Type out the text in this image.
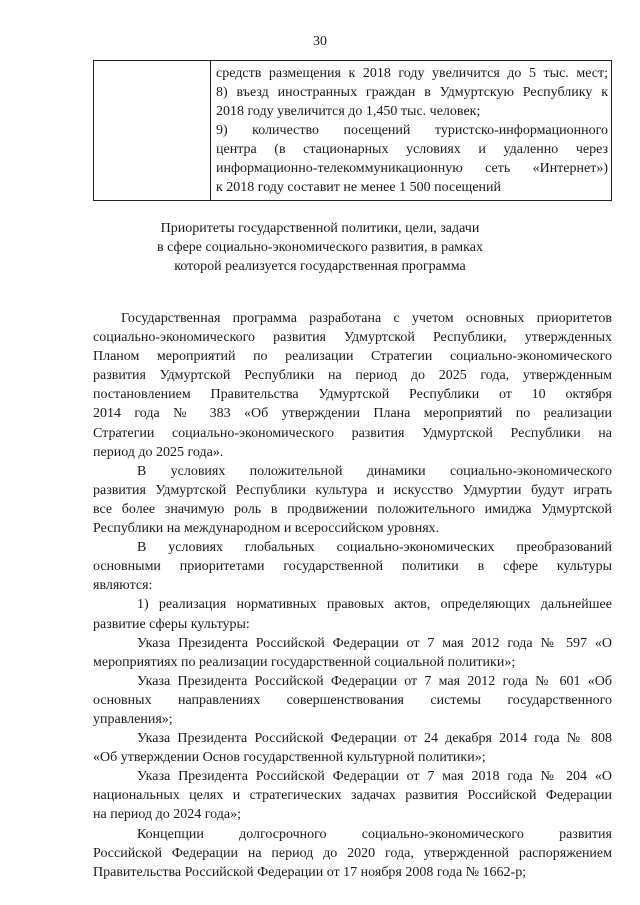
30

средств размещения к 2018 году увеличится до 5 тыс. мест;
8) въезд иностранных граждан в Удмуртскую Республику к
2018 году увеличится до 1,450 тыс. человек;
9) количество посещений туристско-информационного
центра (в стационарных условиях и удаленно через
информационно-телекоммуникационную сеть «Интернет»)
к 2018 году составит не менее 1 500 посещений
Приоритеты государственной политики, цели, задачи
в сфере социально-экономического развития, в рамках
которой реализуется государственная программа
Государственная программа разработана с учетом основных приоритетов
социально-экономического развития Удмуртской Республики, утвержденных
Планом мероприятий по реализации Стратегии социально-экономического
развития Удмуртской Республики на период до 2025 года, утвержденным
постановлением Правительства Удмуртской Республики от 10 октября
2014 года № 383 «Об утверждении Плана мероприятий по реализации
Стратегии социально-экономического развития Удмуртской Республики на
период до 2025 года».
В условиях положительной динамики социально-экономического
развития Удмуртской Республики культура и искусство Удмуртии будут играть
все более значимую роль в продвижении положительного имиджа Удмуртской
Республики на международном и всероссийском уровнях.
В условиях глобальных социально-экономических преобразований
основными приоритетами государственной политики в сфере культуры
являются:
1) реализация нормативных правовых актов, определяющих дальнейшее
развитие сферы культуры:
Указа Президента Российской Федерации от 7 мая 2012 года № 597 «О
мероприятиях по реализации государственной социальной политики»;
Указа Президента Российской Федерации от 7 мая 2012 года № 601 «Об
основных направлениях совершенствования системы государственного
управления»;
Указа Президента Российской Федерации от 24 декабря 2014 года № 808
«Об утверждении Основ государственной культурной политики»;
Указа Президента Российской Федерации от 7 мая 2018 года № 204 «О
национальных целях и стратегических задачах развития Российской Федерации
на период до 2024 года»;
Концепции долгосрочного социально-экономического развития
Российской Федерации на период до 2020 года, утвержденной распоряжением
Правительства Российской Федерации от 17 ноября 2008 года № 1662-р;
